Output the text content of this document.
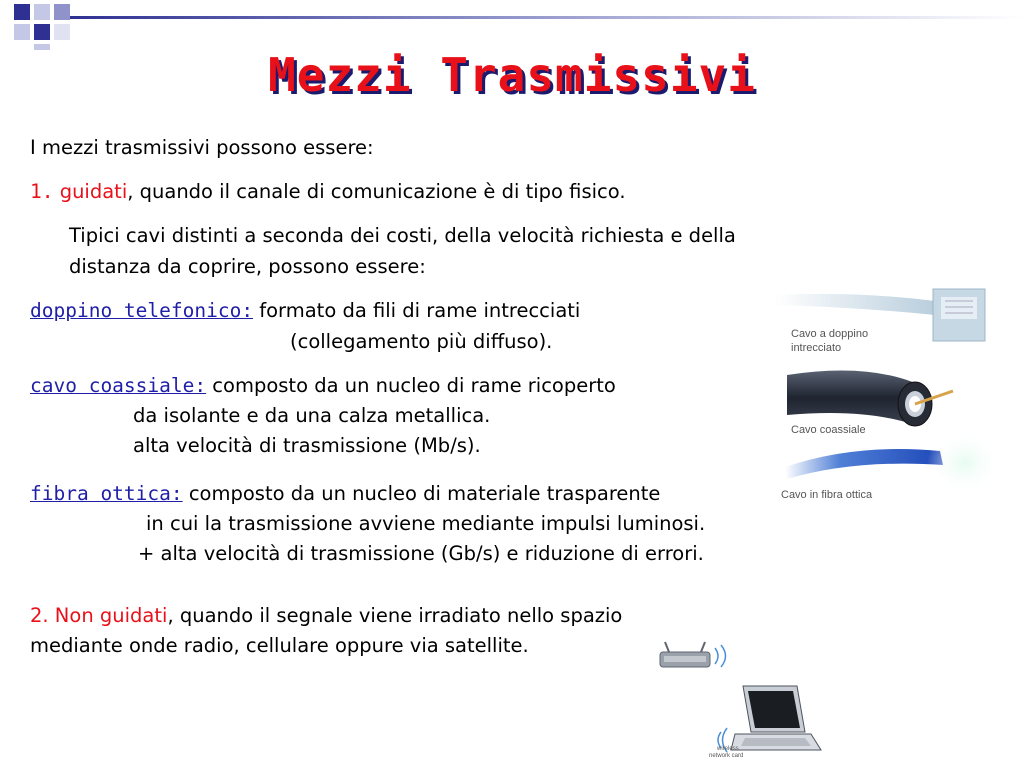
Mezzi Trasmissivi
I mezzi trasmissivi possono essere:
1. guidati, quando il canale di comunicazione è di tipo fisico.
Tipici cavi distinti a seconda dei costi, della velocità richiesta e della
distanza da coprire, possono essere:
doppino telefonico: formato da fili di rame intrecciati
(collegamento più diffuso).
cavo coassiale: composto da un nucleo di rame ricoperto
da isolante e da una calza metallica.
alta velocità di trasmissione (Mb/s).
Cavo a doppino
intrecciato
Cavo coassiale
Cavo in fibra ottica
fibra ottica: composto da un nucleo di materiale trasparente
in cui la trasmissione avviene mediante impulsi luminosi.
+ alta velocità di trasmissione (Gb/s) e riduzione di errori.
2. Non guidati, quando il segnale viene irradiato nello spazio
mediante onde radio, cellulare oppure via satellite.
wireless
network card
